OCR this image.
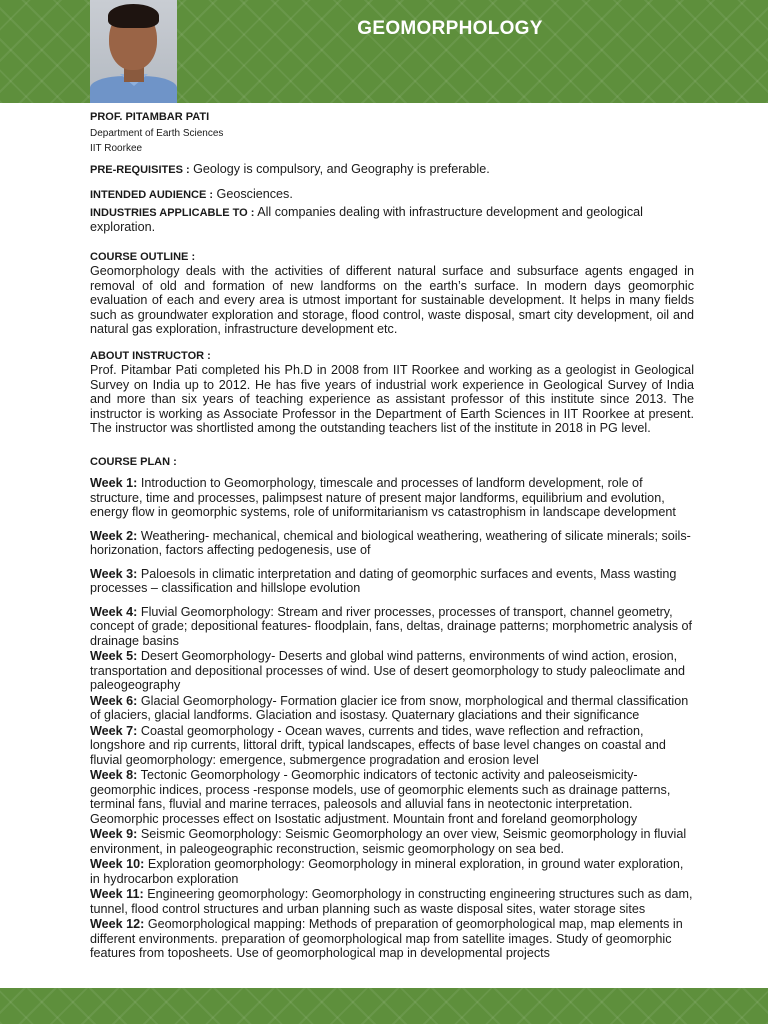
GEOMORPHOLOGY
PROF. PITAMBAR PATI
Department of Earth Sciences
IIT Roorkee
PRE-REQUISITES : Geology is compulsory, and Geography is preferable.
INTENDED AUDIENCE : Geosciences.
INDUSTRIES APPLICABLE TO : All companies dealing with infrastructure development and geological exploration.
COURSE OUTLINE :
Geomorphology deals with the activities of different natural surface and subsurface agents engaged in removal of old and formation of new landforms on the earth’s surface. In modern days geomorphic evaluation of each and every area is utmost important for sustainable development. It helps in many fields such as groundwater exploration and storage, flood control, waste disposal, smart city development, oil and natural gas exploration, infrastructure development etc.
ABOUT INSTRUCTOR :
Prof. Pitambar Pati completed his Ph.D in 2008 from IIT Roorkee and working as a geologist in Geological Survey on India up to 2012. He has five years of industrial work experience in Geological Survey of India and more than six years of teaching experience as assistant professor of this institute since 2013. The instructor is working as Associate Professor in the Department of Earth Sciences in IIT Roorkee at present. The instructor was shortlisted among the outstanding teachers list of the institute in 2018 in PG level.
COURSE PLAN :
Week 1: Introduction to Geomorphology, timescale and processes of landform development, role of structure, time and processes, palimpsest nature of present major landforms, equilibrium and evolution, energy flow in geomorphic systems, role of uniformitarianism vs catastrophism in landscape development
Week 2: Weathering- mechanical, chemical and biological weathering, weathering of silicate minerals; soils- horizonation, factors affecting pedogenesis, use of
Week 3: Paloesols in climatic interpretation and dating of geomorphic surfaces and events, Mass wasting processes – classification and hillslope evolution
Week 4: Fluvial Geomorphology: Stream and river processes, processes of transport, channel geometry, concept of grade; depositional features- floodplain, fans, deltas, drainage patterns; morphometric analysis of drainage basins
Week 5: Desert Geomorphology- Deserts and global wind patterns, environments of wind action, erosion, transportation and depositional processes of wind. Use of desert geomorphology to study paleoclimate and paleogeography
Week 6: Glacial Geomorphology- Formation glacier ice from snow, morphological and thermal classification of glaciers, glacial landforms. Glaciation and isostasy. Quaternary glaciations and their significance
Week 7: Coastal geomorphology - Ocean waves, currents and tides, wave reflection and refraction, longshore and rip currents, littoral drift, typical landscapes, effects of base level changes on coastal and fluvial geomorphology: emergence, submergence progradation and erosion level
Week 8: Tectonic Geomorphology - Geomorphic indicators of tectonic activity and paleoseismicity-geomorphic indices, process -response models, use of geomorphic elements such as drainage patterns, terminal fans, fluvial and marine terraces, paleosols and alluvial fans in neotectonic interpretation. Geomorphic processes effect on Isostatic adjustment. Mountain front and foreland geomorphology
Week 9: Seismic Geomorphology: Seismic Geomorphology an over view, Seismic geomorphology in fluvial environment, in paleogeographic reconstruction, seismic geomorphology on sea bed.
Week 10: Exploration geomorphology: Geomorphology in mineral exploration, in ground water exploration, in hydrocarbon exploration
Week 11: Engineering geomorphology: Geomorphology in constructing engineering structures such as dam, tunnel, flood control structures and urban planning such as waste disposal sites, water storage sites
Week 12: Geomorphological mapping: Methods of preparation of geomorphological map, map elements in different environments. preparation of geomorphological map from satellite images. Study of geomorphic features from toposheets. Use of geomorphological map in developmental projects
